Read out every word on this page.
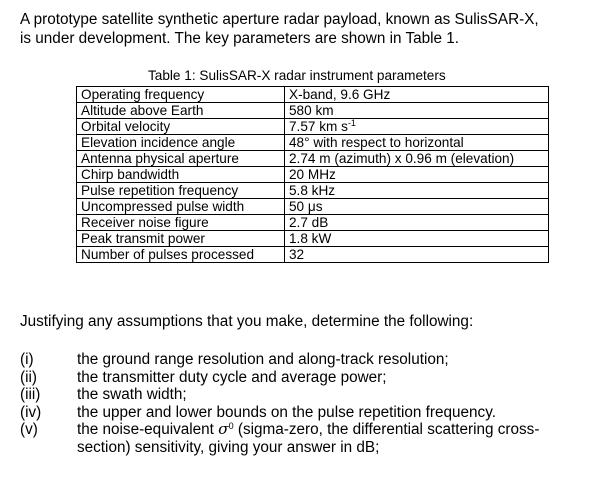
A prototype satellite synthetic aperture radar payload, known as SulisSAR-X,
is under development. The key parameters are shown in Table 1.
Table 1: SulisSAR-X radar instrument parameters
Operating frequency	X-band, 9.6 GHz
Altitude above Earth	580 km
Orbital velocity	7.57 km $s^{-1}$
Elevation incidence angle	48° with respect to horizontal
Antenna physical aperture	2.74 m (azimuth) x 0.96 m (elevation)
Chirp bandwidth	20 MHz
Pulse repetition frequency	5.8 kHz
Uncompressed pulse width	50 μs
Receiver noise figure	2.7 dB
Peak transmit power	1.8 kW
Number of pulses processed	32
Justifying any assumptions that you make, determine the following:
(i)	the ground range resolution and along-track resolution;
(ii)	the transmitter duty cycle and average power;
(iii)	the swath width;
(iv)	the upper and lower bounds on the pulse repetition frequency.
(v)	the noise-equivalent $\sigma^0$ (sigma-zero, the differential scattering cross-
section) sensitivity, giving your answer in dB;
